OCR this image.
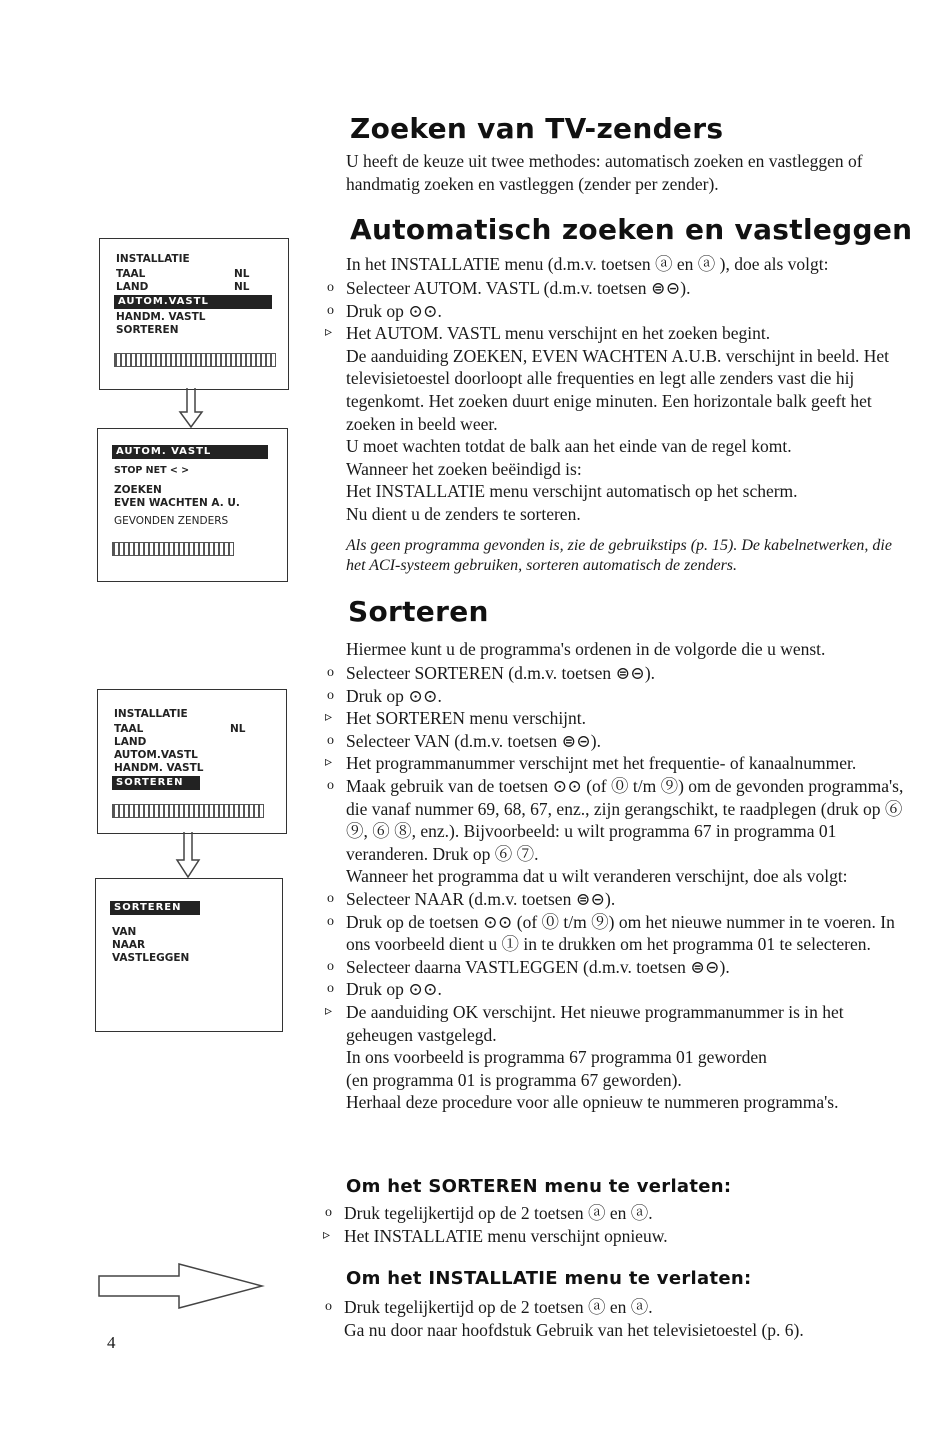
Zoeken van TV-zenders

U heeft de keuze uit twee methodes: automatisch zoeken en vastleggen of handmatig zoeken en vastleggen (zender per zender).

Automatisch zoeken en vastleggen

In het INSTALLATIE menu (d.m.v. toetsen ⓐ en ⓐ ), doe als volgt:

o Selecteer AUTOM. VASTL (d.m.v. toetsen ⊜⊝).
o Druk op ⊙⊙.
▹ Het AUTOM. VASTL menu verschijnt en het zoeken begint.
De aanduiding ZOEKEN, EVEN WACHTEN A.U.B. verschijnt in beeld. Het televisietoestel doorloopt alle frequenties en legt alle zenders vast die hij tegenkomt. Het zoeken duurt enige minuten. Een horizontale balk geeft het zoeken in beeld weer.
U moet wachten totdat de balk aan het einde van de regel komt.
Wanneer het zoeken beëindigd is:
Het INSTALLATIE menu verschijnt automatisch op het scherm.
Nu dient u de zenders te sorteren.

Als geen programma gevonden is, zie de gebruikstips (p. 15). De kabelnetwerken, die het ACI-systeem gebruiken, sorteren automatisch de zenders.

Sorteren

Hiermee kunt u de programma's ordenen in de volgorde die u wenst.

o Selecteer SORTEREN (d.m.v. toetsen ⊜⊝).
o Druk op ⊙⊙.
▹ Het SORTEREN menu verschijnt.
o Selecteer VAN (d.m.v. toetsen ⊜⊝).
▹ Het programmanummer verschijnt met het frequentie- of kanaalnummer.
o Maak gebruik van de toetsen ⊙⊙ (of ⓪ t/m ⑨) om de gevonden programma's, die vanaf nummer 69, 68, 67, enz., zijn gerangschikt, te raadplegen (druk op ⑥ ⑨, ⑥ ⑧, enz.). Bijvoorbeeld: u wilt programma 67 in programma 01 veranderen. Druk op ⑥ ⑦.
Wanneer het programma dat u wilt veranderen verschijnt, doe als volgt:
o Selecteer NAAR (d.m.v. toetsen ⊜⊝).
o Druk op de toetsen ⊙⊙ (of ⓪ t/m ⑨) om het nieuwe nummer in te voeren. In ons voorbeeld dient u ① in te drukken om het programma 01 te selecteren.
o Selecteer daarna VASTLEGGEN (d.m.v. toetsen ⊜⊝).
o Druk op ⊙⊙.
▹ De aanduiding OK verschijnt. Het nieuwe programmanummer is in het geheugen vastgelegd.
In ons voorbeeld is programma 67 programma 01 geworden
(en programma 01 is programma 67 geworden).
Herhaal deze procedure voor alle opnieuw te nummeren programma's.
Om het SORTEREN menu te verlaten:
o Druk tegelijkertijd op de 2 toetsen ⓐ en ⓐ.
▹ Het INSTALLATIE menu verschijnt opnieuw.
Om het INSTALLATIE menu te verlaten:
o Druk tegelijkertijd op de 2 toetsen ⓐ en ⓐ.
Ga nu door naar hoofdstuk Gebruik van het televisietoestel (p. 6).
INSTALLATIE
TAAL	NL
LAND	NL
AUTOM.VASTL
HANDM. VASTL
SORTEREN
AUTOM. VASTL
STOP NET < >
ZOEKEN
EVEN WACHTEN A. U.
GEVONDEN ZENDERS
INSTALLATIE
TAAL	NL
LAND
AUTOM.VASTL
HANDM. VASTL
SORTEREN
SORTEREN
VAN
NAAR
VASTLEGGEN
4
